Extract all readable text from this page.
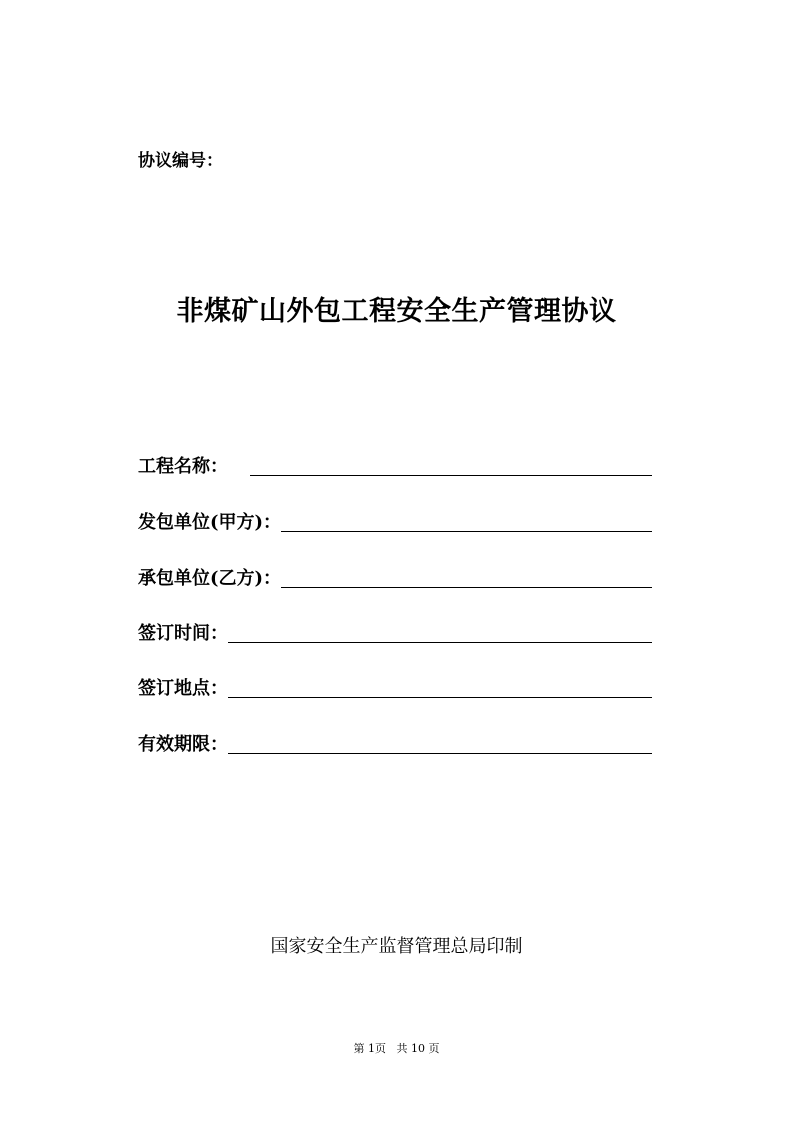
协议编号：
非煤矿山外包工程安全生产管理协议
工程名称：
发包单位(甲方)：
承包单位(乙方)：
签订时间：
签订地点：
有效期限：
国家安全生产监督管理总局印制
第 1页   共 10 页
